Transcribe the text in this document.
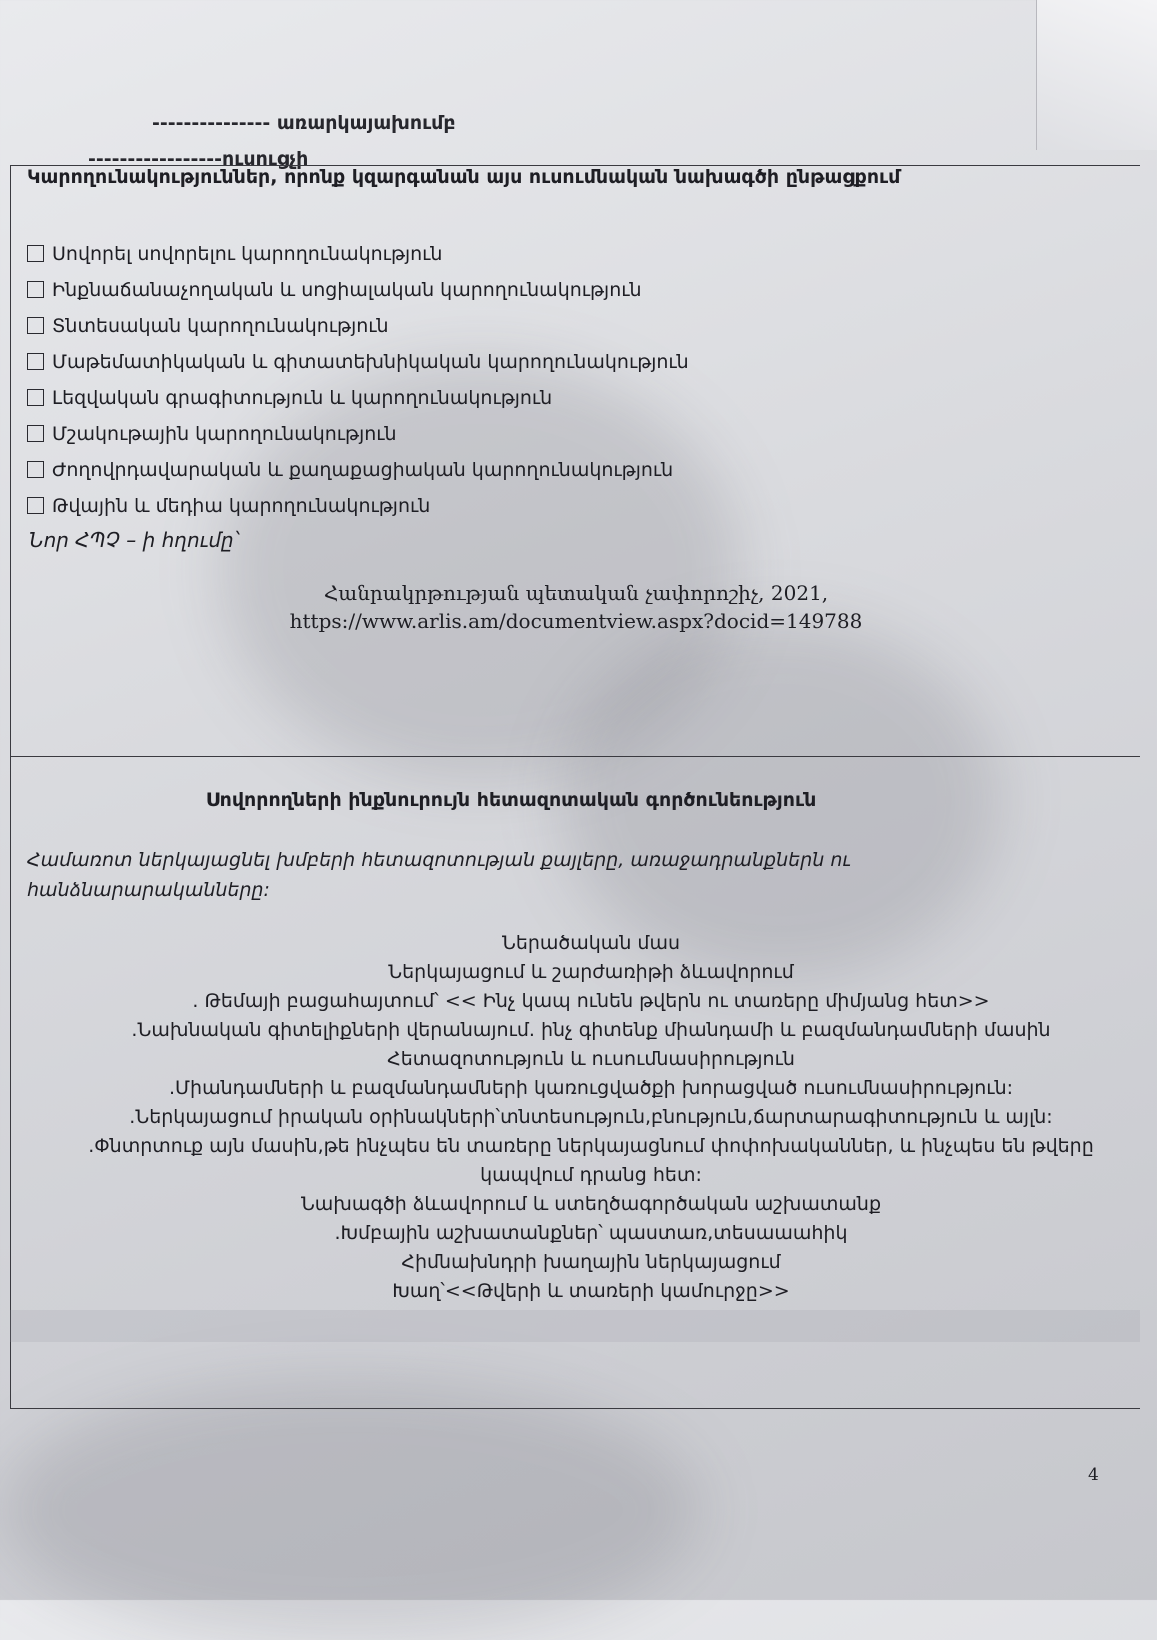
--------------- առարկայախումբ
-----------------ուսուցչի
Կարողունակություններ, որոնք կզարգանան այս ուսումնական նախագծի ընթացքում
Սովորել սովորելու կարողունակություն
Ինքնաճանաչողական և սոցիալական կարողունակություն
Տնտեսական կարողունակություն
Մաթեմատիկական և գիտատեխնիկական կարողունակություն
Լեզվական գրագիտություն և կարողունակություն
Մշակութային կարողունակություն
Ժողովրդավարական և քաղաքացիական կարողունակություն
Թվային և մեդիա կարողունակություն
Նոր ՀՊՉ – ի հղումը՝
Հանրակրթության պետական չափորոշիչ, 2021,
https://www.arlis.am/documentview.aspx?docid=149788
Սովորողների ինքնուրույն հետազոտական գործունեություն
Համառոտ ներկայացնել խմբերի հետազոտության քայլերը, առաջադրանքներն ու
հանձնարարականները:
Ներածական մաս
Ներկայացում և շարժառիթի ձևավորում
. Թեմայի բացահայտում՝ << Ինչ կապ ունեն թվերն ու տառերը միմյանց հետ>>
.Նախնական գիտելիքների վերանայում. ինչ գիտենք միանդամի և բազմանդամների մասին
Հետազոտություն և ուսումնասիրություն
.Միանդամների և բազմանդամների կառուցվածքի խորացված ուսումնասիրություն:
.Ներկայացում իրական օրինակների՝տնտեսություն,բնություն,ճարտարագիտություն և այլն:
.Փնտրտուք այն մասին,թե ինչպես են տառերը ներկայացնում փոփոխականներ, և ինչպես են թվերը
կապվում դրանց հետ:
Նախագծի ձևավորում և ստեղծագործական աշխատանք
.Խմբային աշխատանքներ՝ պաստառ,տեսաաահիկ
Հիմնախնդրի խաղային ներկայացում
Խաղ՝<<Թվերի և տառերի կամուրջը>>
4
